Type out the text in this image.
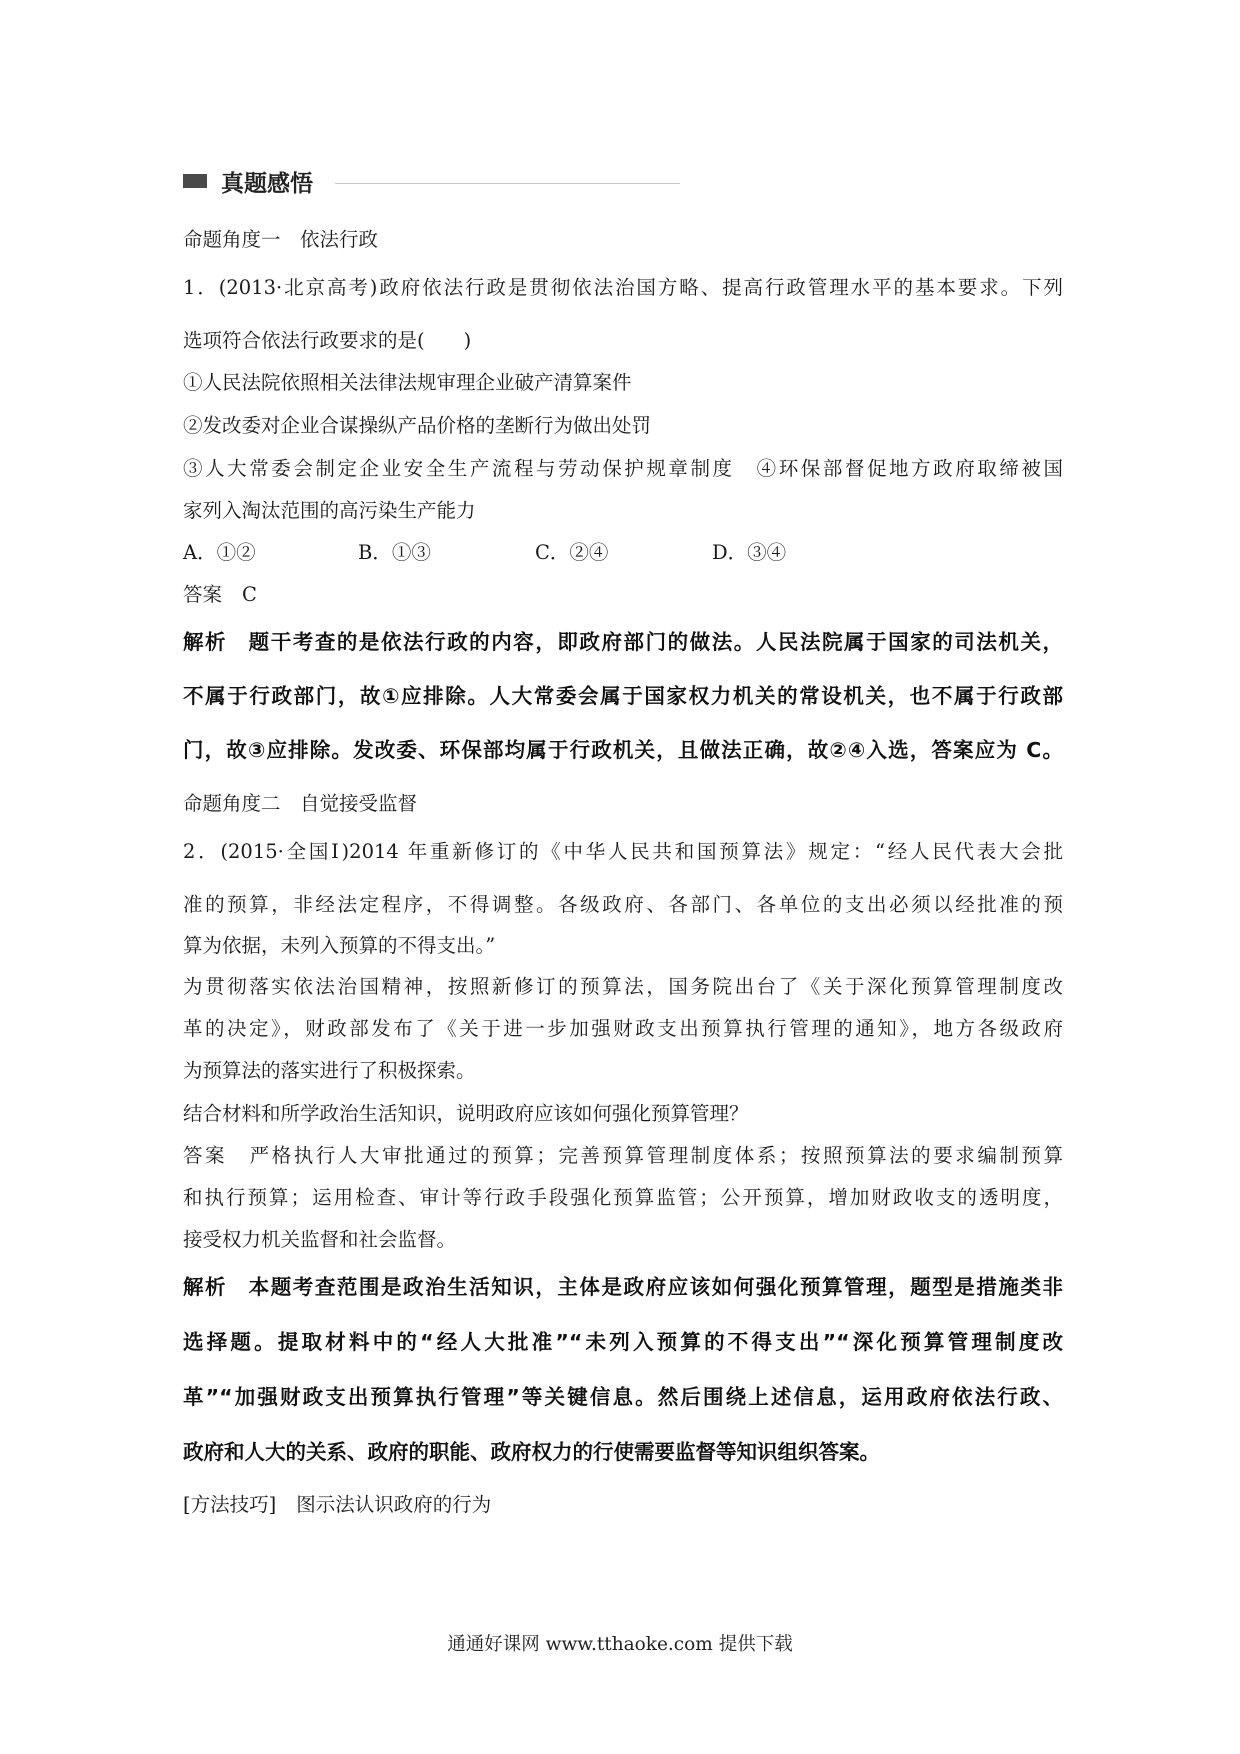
真题感悟
命题角度一　依法行政
1．(2013·北京高考)政府依法行政是贯彻依法治国方略、提高行政管理水平的基本要求。下列
选项符合依法行政要求的是(　　)
①人民法院依照相关法律法规审理企业破产清算案件
②发改委对企业合谋操纵产品价格的垄断行为做出处罚
③人大常委会制定企业安全生产流程与劳动保护规章制度　④环保部督促地方政府取缔被国
家列入淘汰范围的高污染生产能力
A．①②	B．①③	C．②④	D．③④
答案 C
解析 题干考查的是依法行政的内容，即政府部门的做法。人民法院属于国家的司法机关，
不属于行政部门，故①应排除。人大常委会属于国家权力机关的常设机关，也不属于行政部
门，故③应排除。发改委、环保部均属于行政机关，且做法正确，故②④入选，答案应为 C。
命题角度二　自觉接受监督
2．(2015·全国Ⅰ)2014 年重新修订的《中华人民共和国预算法》规定：“经人民代表大会批
准的预算，非经法定程序，不得调整。各级政府、各部门、各单位的支出必须以经批准的预
算为依据，未列入预算的不得支出。”
为贯彻落实依法治国精神，按照新修订的预算法，国务院出台了《关于深化预算管理制度改
革的决定》，财政部发布了《关于进一步加强财政支出预算执行管理的通知》，地方各级政府
为预算法的落实进行了积极探索。
结合材料和所学政治生活知识，说明政府应该如何强化预算管理？
答案 严格执行人大审批通过的预算；完善预算管理制度体系；按照预算法的要求编制预算
和执行预算；运用检查、审计等行政手段强化预算监管；公开预算，增加财政收支的透明度，
接受权力机关监督和社会监督。
解析 本题考查范围是政治生活知识，主体是政府应该如何强化预算管理，题型是措施类非
选择题。提取材料中的“经人大批准”“未列入预算的不得支出”“深化预算管理制度改
革”“加强财政支出预算执行管理”等关键信息。然后围绕上述信息，运用政府依法行政、
政府和人大的关系、政府的职能、政府权力的行使需要监督等知识组织答案。
[方法技巧] 图示法认识政府的行为
通通好课网 www.tthaoke.com 提供下载
